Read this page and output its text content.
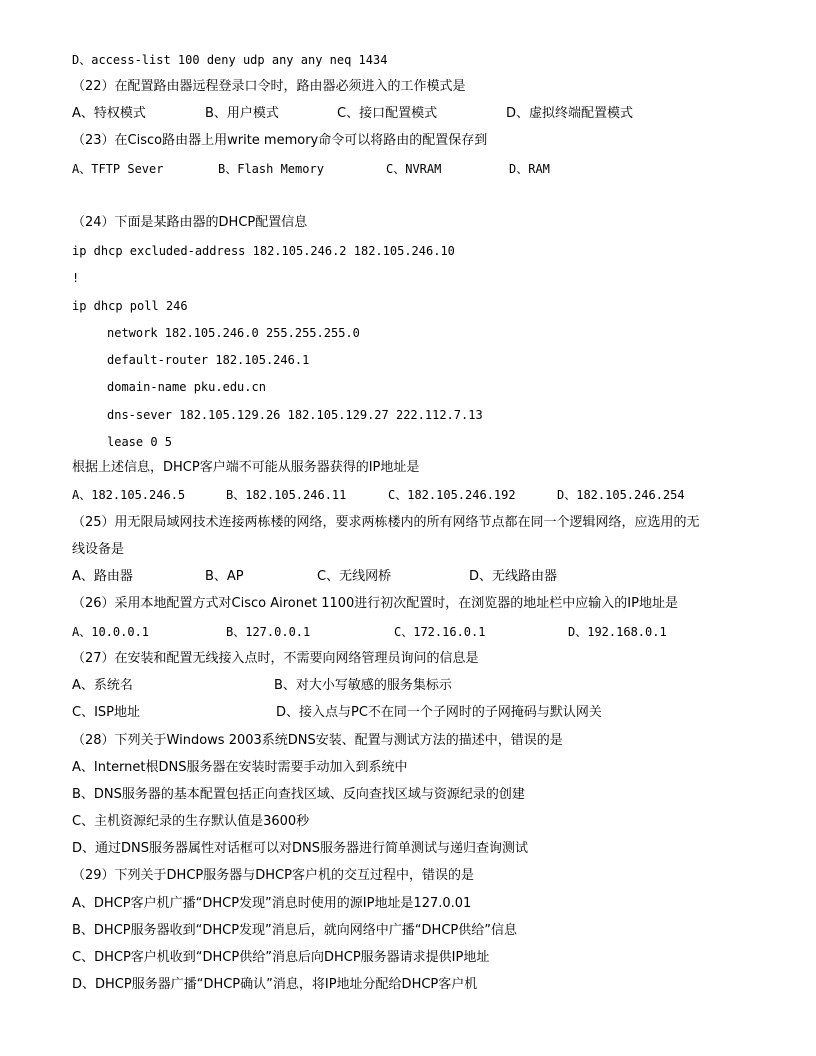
D、access-list 100 deny udp any any neq 1434
（22）在配置路由器远程登录口令时，路由器必须进入的工作模式是
A、特权模式	B、用户模式	C、接口配置模式	D、虚拟终端配置模式
（23）在Cisco路由器上用write memory命令可以将路由的配置保存到
A、TFTP Sever	B、Flash Memory	C、NVRAM	D、RAM
（24）下面是某路由器的DHCP配置信息
ip dhcp excluded-address 182.105.246.2 182.105.246.10
!
ip dhcp poll 246
network 182.105.246.0 255.255.255.0
default-router 182.105.246.1
domain-name pku.edu.cn
dns-sever 182.105.129.26 182.105.129.27 222.112.7.13
lease 0 5
根据上述信息，DHCP客户端不可能从服务器获得的IP地址是
A、182.105.246.5	B、182.105.246.11	C、182.105.246.192	D、182.105.246.254
（25）用无限局域网技术连接两栋楼的网络，要求两栋楼内的所有网络节点都在同一个逻辑网络，应选用的无
线设备是
A、路由器	B、AP	C、无线网桥	D、无线路由器
（26）采用本地配置方式对Cisco Aironet 1100进行初次配置时，在浏览器的地址栏中应输入的IP地址是
A、10.0.0.1	B、127.0.0.1	C、172.16.0.1	D、192.168.0.1
（27）在安装和配置无线接入点时，不需要向网络管理员询问的信息是
A、系统名	B、对大小写敏感的服务集标示
C、ISP地址	D、接入点与PC不在同一个子网时的子网掩码与默认网关
（28）下列关于Windows 2003系统DNS安装、配置与测试方法的描述中，错误的是
A、Internet根DNS服务器在安装时需要手动加入到系统中
B、DNS服务器的基本配置包括正向查找区域、反向查找区域与资源纪录的创建
C、主机资源纪录的生存默认值是3600秒
D、通过DNS服务器属性对话框可以对DNS服务器进行简单测试与递归查询测试
（29）下列关于DHCP服务器与DHCP客户机的交互过程中，错误的是
A、DHCP客户机广播“DHCP发现”消息时使用的源IP地址是127.0.01
B、DHCP服务器收到“DHCP发现”消息后，就向网络中广播“DHCP供给”信息
C、DHCP客户机收到“DHCP供给”消息后向DHCP服务器请求提供IP地址
D、DHCP服务器广播“DHCP确认”消息，将IP地址分配给DHCP客户机
